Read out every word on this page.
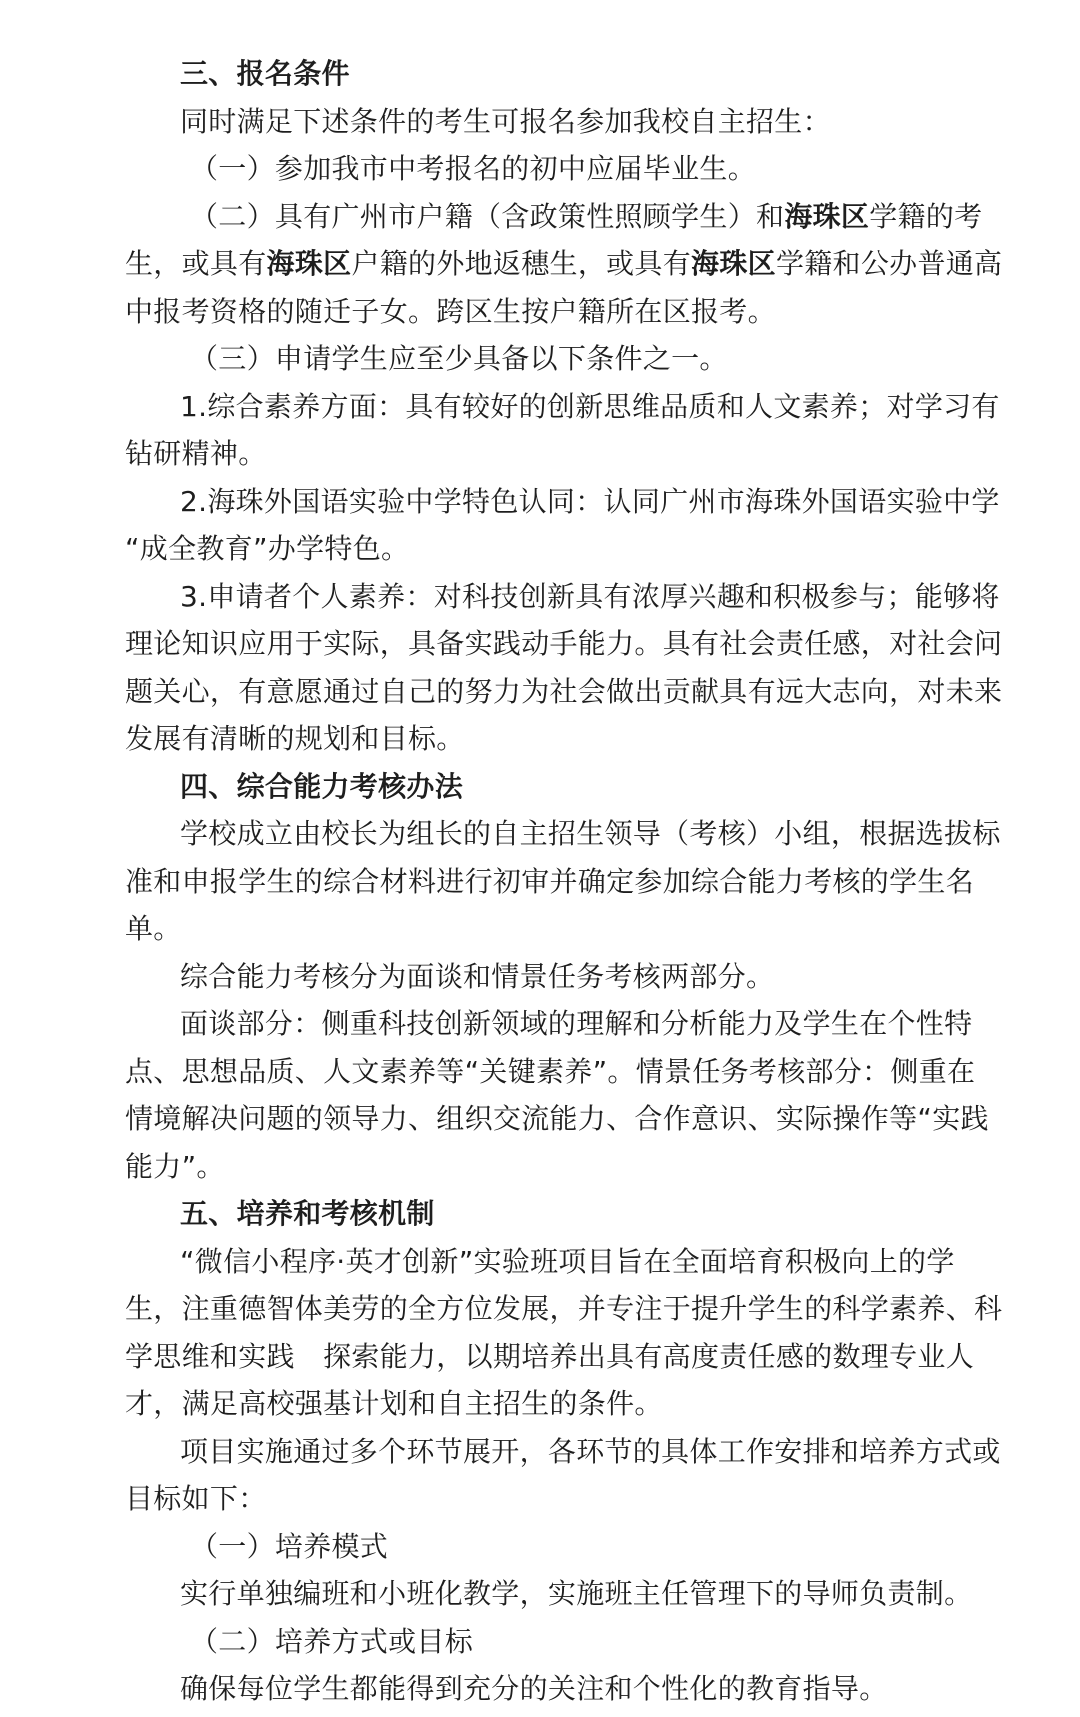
三、报名条件
同时满足下述条件的考生可报名参加我校自主招生：
（一）参加我市中考报名的初中应届毕业生。
（二）具有广州市户籍（含政策性照顾学生）和海珠区学籍的考
生，或具有海珠区户籍的外地返穗生，或具有海珠区学籍和公办普通高
中报考资格的随迁子女。跨区生按户籍所在区报考。
（三）申请学生应至少具备以下条件之一。
1.综合素养方面：具有较好的创新思维品质和人文素养；对学习有
钻研精神。
2.海珠外国语实验中学特色认同：认同广州市海珠外国语实验中学
“成全教育”办学特色。
3.申请者个人素养：对科技创新具有浓厚兴趣和积极参与；能够将
理论知识应用于实际，具备实践动手能力。具有社会责任感，对社会问
题关心，有意愿通过自己的努力为社会做出贡献具有远大志向，对未来
发展有清晰的规划和目标。
四、综合能力考核办法
学校成立由校长为组长的自主招生领导（考核）小组，根据选拔标
准和申报学生的综合材料进行初审并确定参加综合能力考核的学生名
单。
综合能力考核分为面谈和情景任务考核两部分。
面谈部分：侧重科技创新领域的理解和分析能力及学生在个性特
点、思想品质、人文素养等“关键素养”。情景任务考核部分：侧重在
情境解决问题的领导力、组织交流能力、合作意识、实际操作等“实践
能力”。
五、培养和考核机制
“微信小程序·英才创新”实验班项目旨在全面培育积极向上的学
生，注重德智体美劳的全方位发展，并专注于提升学生的科学素养、科
学思维和实践　探索能力，以期培养出具有高度责任感的数理专业人
才，满足高校强基计划和自主招生的条件。
项目实施通过多个环节展开，各环节的具体工作安排和培养方式或
目标如下：
（一）培养模式
实行单独编班和小班化教学，实施班主任管理下的导师负责制。
（二）培养方式或目标
确保每位学生都能得到充分的关注和个性化的教育指导。
